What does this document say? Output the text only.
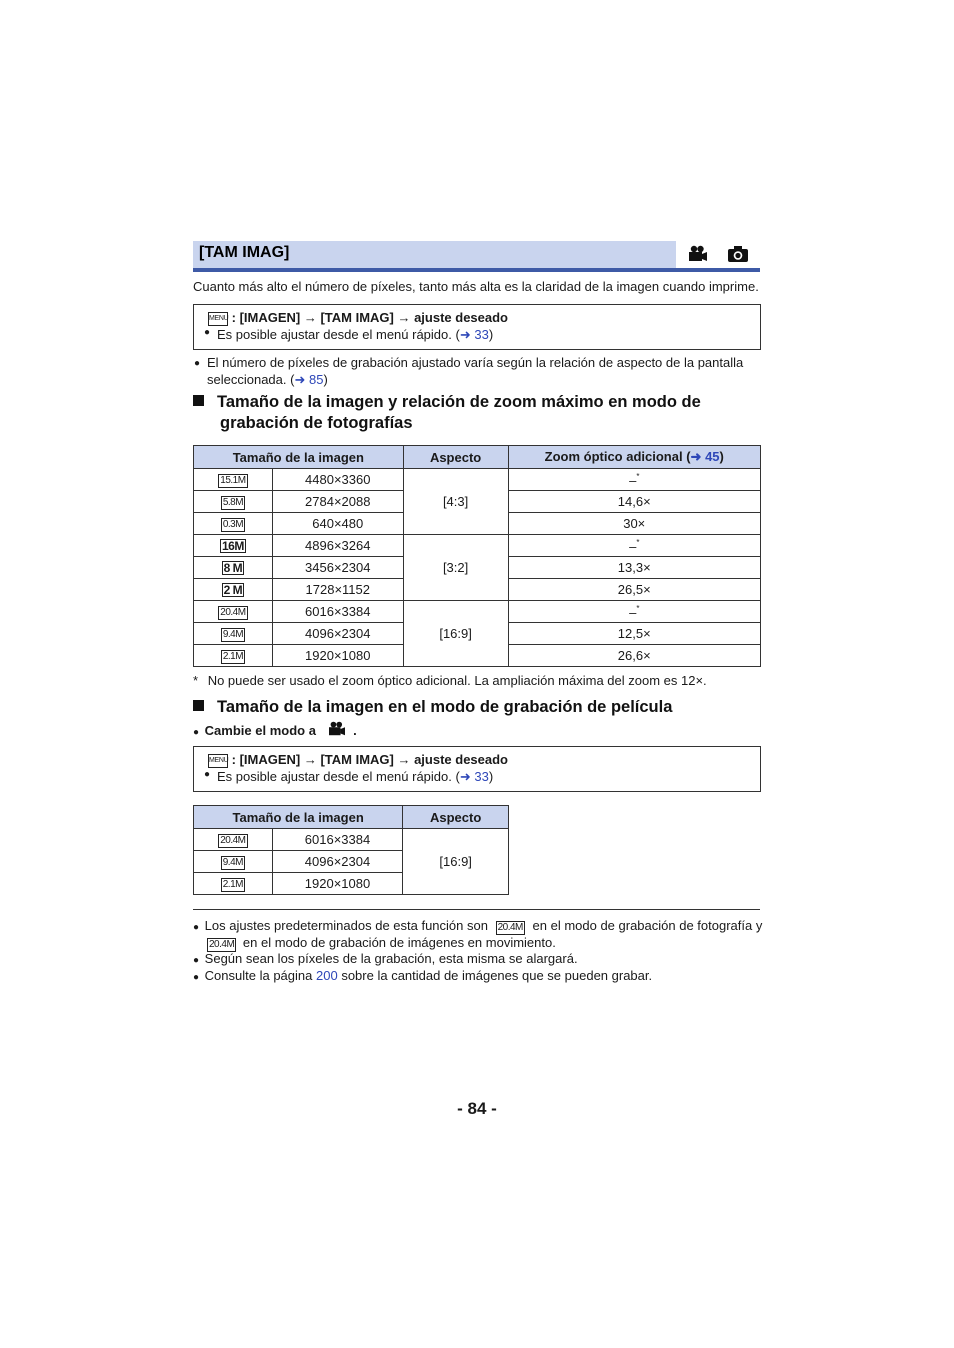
[TAM IMAG]
Cuanto más alto el número de píxeles, tanto más alta es la claridad de la imagen cuando imprime.
MENU : [IMAGEN] → [TAM IMAG] → ajuste deseado
● Es posible ajustar desde el menú rápido. (➜ 33)
● El número de píxeles de grabación ajustado varía según la relación de aspecto de la pantalla
seleccionada. (➜ 85)
Tamaño de la imagen y relación de zoom máximo en modo de
grabación de fotografías
Tamaño de la imagen		Aspecto	Zoom óptico adicional (➜ 45)
15.1M	4480×3360	[4:3]	–*
5.8M	2784×2088		14,6×
0.3M	640×480		30×
16M	4896×3264	[3:2]	–*
8 M	3456×2304		13,3×
2 M	1728×1152		26,5×
20.4M	6016×3384	[16:9]	–*
9.4M	4096×2304		12,5×
2.1M	1920×1080		26,6×
* No puede ser usado el zoom óptico adicional. La ampliación máxima del zoom es 12×.
Tamaño de la imagen en el modo de grabación de película
● Cambie el modo a	.
MENU : [IMAGEN] → [TAM IMAG] → ajuste deseado
● Es posible ajustar desde el menú rápido. (➜ 33)
Tamaño de la imagen		Aspecto
20.4M	6016×3384	[16:9]
9.4M	4096×2304	
2.1M	1920×1080	
● Los ajustes predeterminados de esta función son 20.4M en el modo de grabación de fotografía y
20.4M en el modo de grabación de imágenes en movimiento.
● Según sean los píxeles de la grabación, esta misma se alargará.
● Consulte la página 200 sobre la cantidad de imágenes que se pueden grabar.
- 84 -
